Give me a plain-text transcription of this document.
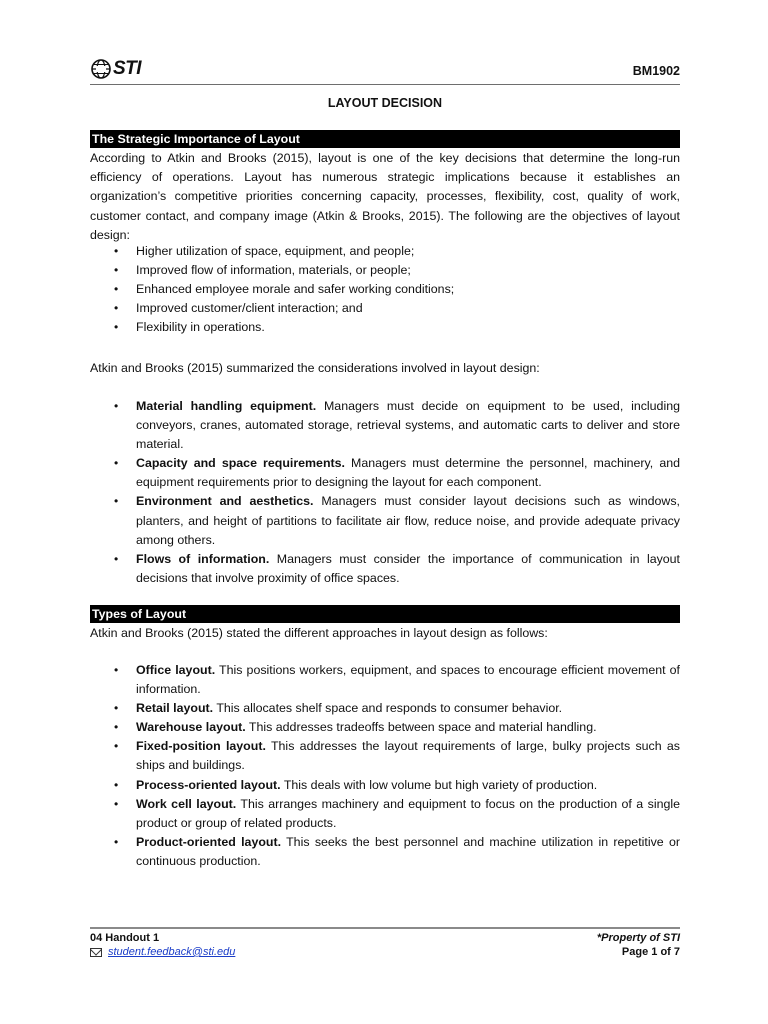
STI	BM1902
LAYOUT DECISION
The Strategic Importance of Layout
According to Atkin and Brooks (2015), layout is one of the key decisions that determine the long-run efficiency of operations. Layout has numerous strategic implications because it establishes an organization’s competitive priorities concerning capacity, processes, flexibility, cost, quality of work, customer contact, and company image (Atkin & Brooks, 2015). The following are the objectives of layout design:
• Higher utilization of space, equipment, and people;
• Improved flow of information, materials, or people;
• Enhanced employee morale and safer working conditions;
• Improved customer/client interaction; and
• Flexibility in operations.
Atkin and Brooks (2015) summarized the considerations involved in layout design:
• Material handling equipment. Managers must decide on equipment to be used, including conveyors, cranes, automated storage, retrieval systems, and automatic carts to deliver and store material.
• Capacity and space requirements. Managers must determine the personnel, machinery, and equipment requirements prior to designing the layout for each component.
• Environment and aesthetics. Managers must consider layout decisions such as windows, planters, and height of partitions to facilitate air flow, reduce noise, and provide adequate privacy among others.
• Flows of information. Managers must consider the importance of communication in layout decisions that involve proximity of office spaces.
Types of Layout
Atkin and Brooks (2015) stated the different approaches in layout design as follows:
• Office layout. This positions workers, equipment, and spaces to encourage efficient movement of information.
• Retail layout. This allocates shelf space and responds to consumer behavior.
• Warehouse layout. This addresses tradeoffs between space and material handling.
• Fixed-position layout. This addresses the layout requirements of large, bulky projects such as ships and buildings.
• Process-oriented layout. This deals with low volume but high variety of production.
• Work cell layout. This arranges machinery and equipment to focus on the production of a single product or group of related products.
• Product-oriented layout. This seeks the best personnel and machine utilization in repetitive or continuous production.
04 Handout 1
student.feedback@sti.edu
*Property of STI
Page 1 of 7
